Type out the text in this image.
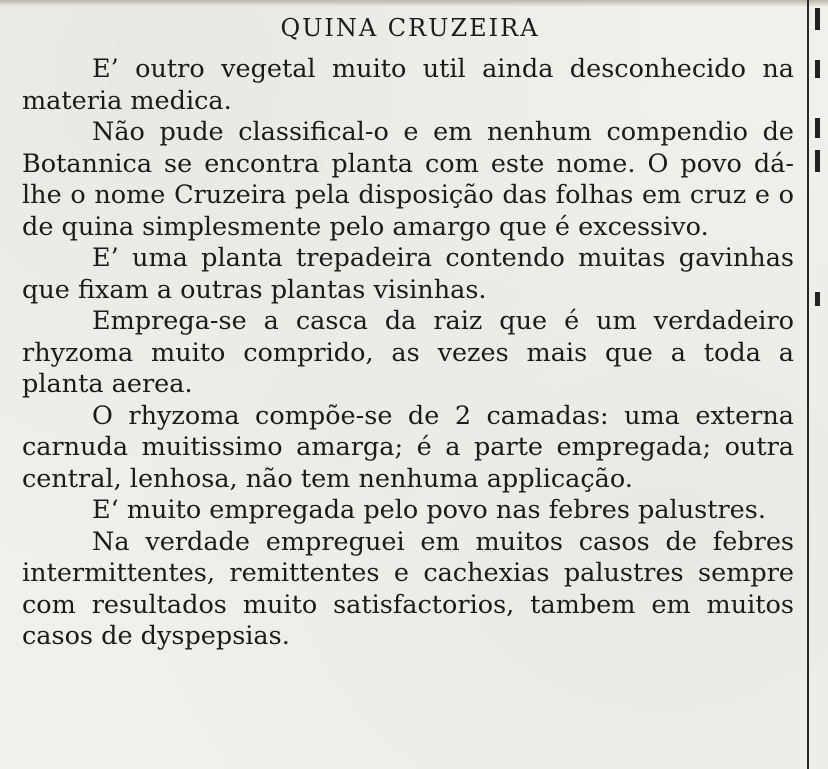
QUINA CRUZEIRA

E’ outro vegetal muito util ainda desconhecido na materia medica.

Não pude classifical-o e em nenhum compendio de Botannica se encontra planta com este nome. O povo dá-lhe o nome Cruzeira pela disposição das folhas em cruz e o de quina simplesmente pelo amargo que é excessivo.

E’ uma planta trepadeira contendo muitas gavinhas que fixam a outras plantas visinhas.

Emprega-se a casca da raiz que é um verdadeiro rhyzoma muito comprido, as vezes mais que a toda a planta aerea.

O rhyzoma compõe-se de 2 camadas: uma externa carnuda muitissimo amarga; é a parte empregada; outra central, lenhosa, não tem nenhuma applicação.

E‘ muito empregada pelo povo nas febres palustres.

Na verdade empreguei em muitos casos de febres intermittentes, remittentes e cachexias palustres sempre com resultados muito satisfactorios, tambem em muitos casos de dyspepsias.
